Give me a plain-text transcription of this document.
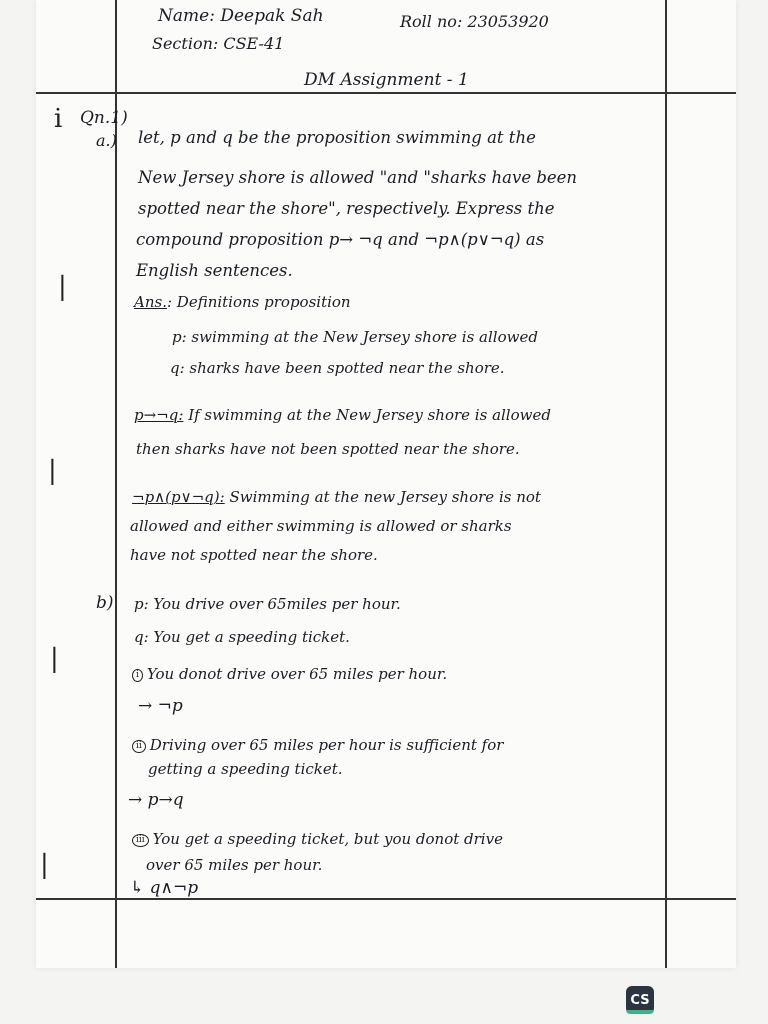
Name: Deepak Sah
Section: CSE-41
Roll no: 23053920
DM Assignment - 1
i
|
|
|
|
Qn.1)
a.) let, p and q be the proposition swimming at the
New Jersey shore is allowed "and "sharks have been
spotted near the shore", respectively. Express the
compound proposition p→ ¬q and ¬p∧(p∨¬q) as
English sentences.
Ans.: Definitions proposition
p: swimming at the New Jersey shore is allowed
q: sharks have been spotted near the shore.
p→¬q: If swimming at the New Jersey shore is allowed
then sharks have not been spotted near the shore.
¬p∧(p∨¬q): Swimming at the new Jersey shore is not
allowed and either swimming is allowed or sharks
have not spotted near the shore.
b) p: You drive over 65miles per hour.
q: You get a speeding ticket.
i You donot drive over 65 miles per hour.
→ ¬p
ii Driving over 65 miles per hour is sufficient for
getting a speeding ticket.
→ p→q
iii You get a speeding ticket, but you donot drive
over 65 miles per hour.
↳ q∧¬p
CS
